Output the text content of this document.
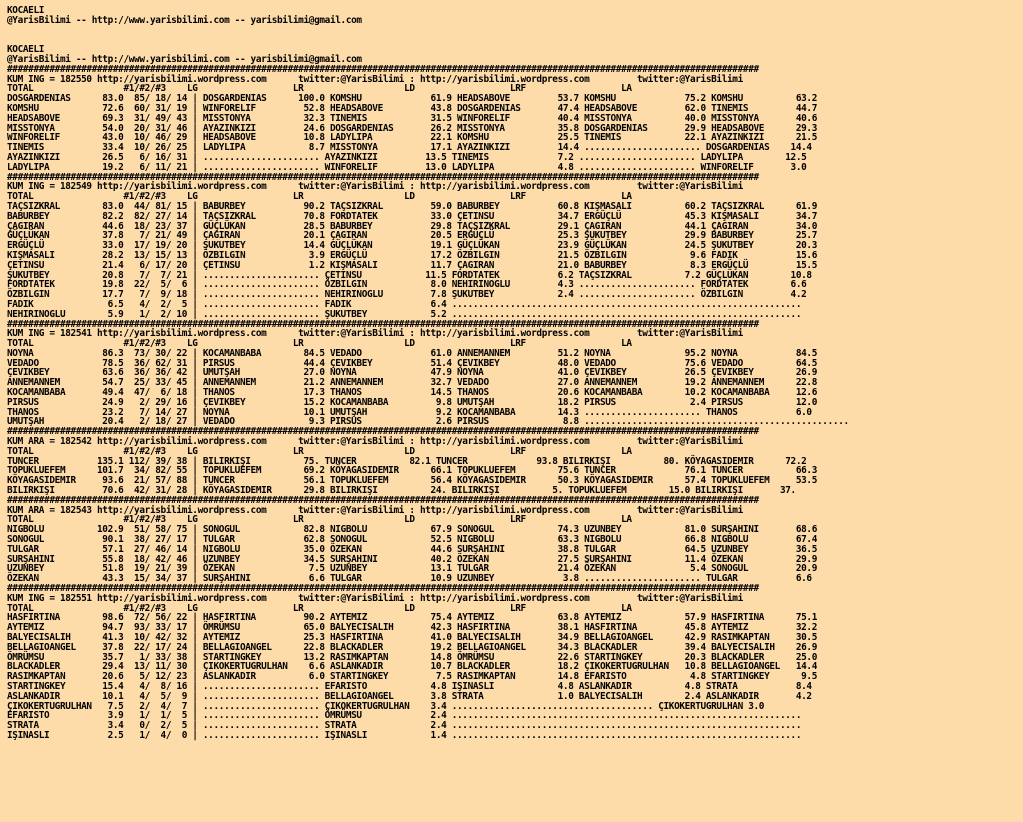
KOCAELI
@YarisBilimi -- http://www.yarisbilimi.com -- yarisbilimi@gmail.com
KOCAELI
@YarisBilimi -- http://www.yarisbilimi.com -- yarisbilimi@gmail.com
##############################################################################################################################################
KUM ING = 182550 http://yarisbilimi.wordpress.com      twitter:@YarisBilimi : http://yarisbilimi.wordpress.com         twitter:@YarisBilimi
TOTAL                 #1/#2/#3    LG                  LR                   LD                  LRF                  LA
DOSGARDENIAS      83.0  85/ 18/ 14 | DOSGARDENIAS      100.0 KOMSHU             61.9 HEADSABOVE         53.7 KOMSHU             75.2 KOMSHU          63.2
KOMSHU            72.6  60/ 31/ 19 | WINFORELIF         52.8 HEADSABOVE         43.8 DOSGARDENIAS       47.4 HEADSABOVE         62.0 TINEMIS         44.7
HEADSABOVE        69.3  31/ 49/ 43 | MISSTONYA          32.3 TINEMIS            31.5 WINFORELIF         40.4 MISSTONYA          40.0 MISSTONYA       40.6
MISSTONYA         54.0  20/ 31/ 46 | AYAZINKIZI         24.6 DOSGARDENIAS       26.2 MISSTONYA          35.8 DOSGARDENIAS       29.9 HEADSABOVE      29.3
WINFORELIF        43.0  10/ 46/ 29 | HEADSABOVE         10.8 LADYLIPA           22.1 KOMSHU             25.5 TINEMIS            22.1 AYAZINKIZI      21.5
TINEMIS           33.4  10/ 26/ 25 | LADYLIPA            8.7 MISSTONYA          17.1 AYAZINKIZI         14.4 ...................... DOSGARDENIAS    14.4
AYAZINKIZI        26.5   6/ 16/ 31 | ...................... AYAZINKIZI         13.5 TINEMIS             7.2 ...................... LADYLIPA        12.5
LADYLIPA          19.2   6/ 11/ 21 | ...................... WINFORELIF         13.0 LADYLIPA            4.8 ...................... WINFORELIF       3.0
##############################################################################################################################################
KUM ING = 182549 http://yarisbilimi.wordpress.com      twitter:@YarisBilimi : http://yarisbilimi.wordpress.com         twitter:@YarisBilimi
TOTAL                 #1/#2/#3    LG                  LR                   LD                  LRF                  LA
TAÇSIZKRAL        83.0  44/ 81/ 15 | BABURBEY           90.2 TAÇSIZKRAL         59.0 BABURBEY           60.8 KIŞMASALI          60.2 TAÇSIZKRAL      61.9
BABURBEY          82.2  82/ 27/ 14 | TAÇSIZKRAL         70.8 FORDTATEK          33.0 ÇETINSU            34.7 ERGÜÇLÜ            45.3 KIŞMASALI       34.7
ÇAGIRAN           44.6  18/ 23/ 37 | GÜÇLÜKAN           28.5 BABURBEY           29.8 TAÇSIZKRAL         29.1 ÇAGIRAN            44.1 ÇAGIRAN         34.0
GÜÇLÜKAN          37.8   7/ 21/ 49 | ÇAGIRAN            20.1 ÇAGIRAN            20.5 ERGÜÇLÜ            25.3 ŞUKUTBEY           29.9 BABURBEY        25.7
ERGÜÇLÜ           33.0  17/ 19/ 20 | ŞUKUTBEY           14.4 GÜÇLÜKAN           19.1 GÜÇLÜKAN           23.9 GÜÇLÜKAN           24.5 ŞUKUTBEY        20.3
KIŞMASALI         28.2  13/ 15/ 13 | ÖZBILGIN            3.9 ERGÜÇLÜ            17.2 ÖZBILGIN           21.5 ÖZBILGIN            9.6 FADIK           15.6
ÇETINSU           21.4   6/ 17/ 20 | ÇETINSU             1.2 KIŞMASALI          11.7 ÇAGIRAN            21.0 BABURBEY            8.3 ERGÜÇLÜ         15.5
ŞUKUTBEY          20.8   7/  7/ 21 | ...................... ÇETINSU            11.5 FORDTATEK           6.2 TAÇSIZKRAL          7.2 GÜÇLÜKAN        10.8
FORDTATEK         19.8  22/  5/  6 | ...................... ÖZBILGIN            8.0 NEHIRINOGLU         4.3 ...................... FORDTATEK        6.6
ÖZBILGIN          17.7   7/  9/ 18 | ...................... NEHIRINOGLU         7.8 ŞUKUTBEY            2.4 ...................... ÖZBILGIN         4.2
FADIK              6.5   4/  2/  5 | ...................... FADIK               6.4 ..................................................................
NEHIRINOGLU        5.9   1/  2/ 10 | ...................... ŞUKUTBEY            5.2 ..................................................................
##############################################################################################################################################
KUM ING = 182541 http://yarisbilimi.wordpress.com      twitter:@YarisBilimi : http://yarisbilimi.wordpress.com         twitter:@YarisBilimi
TOTAL                 #1/#2/#3    LG                  LR                   LD                  LRF                  LA
NOYNA             86.3  73/ 30/ 22 | KOCAMANBABA        84.5 VEDADO             61.0 ANNEMANNEM         51.2 NOYNA              95.2 NOYNA           84.5
VEDADO            78.5  36/ 62/ 31 | PIRSUS             44.4 ÇEVIKBEY           51.4 ÇEVIKBEY           48.0 VEDADO             75.6 VEDADO          64.5
ÇEVIKBEY          63.6  36/ 36/ 42 | UMUTŞAH            27.0 NOYNA              47.9 NOYNA              41.0 ÇEVIKBEY           26.5 ÇEVIKBEY        26.9
ANNEMANNEM        54.7  25/ 33/ 45 | ANNEMANNEM         21.2 ANNEMANNEM         32.7 VEDADO             27.0 ANNEMANNEM         19.2 ANNEMANNEM      22.8
KOCAMANBABA       49.4  47/  6/ 18 | THANOS             17.3 THANOS             14.5 THANOS             20.6 KOCAMANBABA        10.2 KOCAMANBABA     12.6
PIRSUS            24.9   2/ 29/ 16 | ÇEVIKBEY           15.2 KOCAMANBABA         9.8 UMUTŞAH            18.2 PIRSUS              2.4 PIRSUS          12.0
THANOS            23.2   7/ 14/ 27 | NOYNA              10.1 UMUTŞAH             9.2 KOCAMANBABA        14.3 ...................... THANOS           6.0
UMUTŞAH           20.4   2/ 18/ 27 | VEDADO              9.3 PIRSUS              2.6 PIRSUS              8.8 ..................................................
##############################################################################################################################################
KUM ARA = 182542 http://yarisbilimi.wordpress.com      twitter:@YarisBilimi : http://yarisbilimi.wordpress.com         twitter:@YarisBilimi
TOTAL                 #1/#2/#3    LG                  LR                   LD                  LRF                  LA
TUNCER           135.1 112/ 39/ 38 | BILIRKIŞI          75. TUNCER          82.1 TUNCER             93.8 BILIRKIŞI          80. KÖYAGASIDEMIR      72.2
TOPUKLUEFEM      101.7  34/ 82/ 55 | TOPUKLUEFEM        69.2 KÖYAGASIDEMIR      66.1 TOPUKLUEFEM        75.6 TUNCER             76.1 TUNCER          66.3
KÖYAGASIDEMIR     93.6  21/ 57/ 88 | TUNCER             56.1 TOPUKLUEFEM        56.4 KÖYAGASIDEMIR      50.3 KÖYAGASIDEMIR      57.4 TOPUKLUEFEM     53.5
BILIRKIŞI         70.6  42/ 31/ 28 | KÖYAGASIDEMIR      29.8 BILIRKIŞI          24. BILIRKIŞI          5. TOPUKLUEFEM        15.0 BILIRKIŞI       37.
##############################################################################################################################################
KUM ARA = 182543 http://yarisbilimi.wordpress.com      twitter:@YarisBilimi : http://yarisbilimi.wordpress.com         twitter:@YarisBilimi
TOTAL                 #1/#2/#3    LG                  LR                   LD                  LRF                  LA
NIGBOLU          102.9  51/ 58/ 75 | SONOGUL            82.8 NIGBOLU            67.9 SONOGUL            74.3 UZUNBEY            81.0 SURŞAHINI       68.6
SONOGUL           90.1  38/ 27/ 17 | TULGAR             62.8 SONOGUL            52.5 NIGBOLU            63.3 NIGBOLU            66.8 NIGBOLU         67.4
TULGAR            57.1  27/ 46/ 14 | NIGBOLU            35.0 ÖZEKAN             44.6 SURŞAHINI          38.8 TULGAR             64.5 UZUNBEY         36.5
SURŞAHINI         55.8  18/ 42/ 46 | UZUNBEY            34.5 SURŞAHINI          40.2 ÖZEKAN             27.5 SURŞAHINI          11.4 ÖZEKAN          29.9
UZUNBEY           51.8  19/ 21/ 39 | ÖZEKAN              7.5 UZUNBEY            13.1 TULGAR             21.4 ÖZEKAN              5.4 SONOGUL         20.9
ÖZEKAN            43.3  15/ 34/ 37 | SURŞAHINI           6.6 TULGAR             10.9 UZUNBEY             3.8 ...................... TULGAR           6.6
##############################################################################################################################################
KUM ING = 182551 http://yarisbilimi.wordpress.com      twitter:@YarisBilimi : http://yarisbilimi.wordpress.com         twitter:@YarisBilimi
TOTAL                 #1/#2/#3    LG                  LR                   LD                  LRF                  LA
HASFIRTINA        98.6  72/ 56/ 22 | HASFIRTINA         90.2 AYTEMIZ            75.4 AYTEMIZ            63.8 AYTEMIZ            57.9 HASFIRTINA      75.1
AYTEMIZ           94.7  93/ 33/ 17 | ÖMRÜMSU            65.0 BALYECISALIH       42.3 HASFIRTINA         38.1 HASFIRTINA         45.8 AYTEMIZ         32.2
BALYECISALIH      41.3  10/ 42/ 32 | AYTEMIZ            25.3 HASFIRTINA         41.0 BALYECISALIH       34.9 BELLAGIOANGEL      42.9 RASIMKAPTAN     30.5
BELLAGIOANGEL     37.8  22/ 17/ 24 | BELLAGIOANGEL      22.8 BLACKADLER         19.2 BELLAGIOANGEL      34.3 BLACKADLER         39.4 BALYECISALIH    26.9
ÖMRÜMSU           35.7   1/ 33/ 38 | STARTINGKEY        13.2 RASIMKAPTAN        14.8 ÖMRÜMSU            22.6 STARTINGKEY        20.3 BLACKADLER      25.0
BLACKADLER        29.4  13/ 11/ 30 | ÇIKOKERTUGRULHAN    6.6 ASLANKADIR         10.7 BLACKADLER         18.2 ÇIKOKERTUGRULHAN   10.8 BELLAGIOANGEL   14.4
RASIMKAPTAN       20.6   5/ 12/ 23 | ASLANKADIR          6.0 STARTINGKEY         7.5 RASIMKAPTAN        14.8 EFARISTO            4.8 STARTINGKEY      9.5
STARTINGKEY       15.4   4/  8/ 16 | ...................... EFARISTO            4.8 IŞINASLI            4.8 ASLANKADIR          4.8 STRATA           8.4
ASLANKADIR        10.1   4/  5/  9 | ...................... BELLAGIOANGEL       3.8 STRATA              1.0 BALYECISALIH        2.4 ASLANKADIR       4.2
ÇIKOKERTUGRULHAN   7.5   2/  4/  7 | ...................... ÇIKOKERTUGRULHAN    3.4 ...................................... ÇIKOKERTUGRULHAN 3.0
EFARISTO           3.9   1/  1/  5 | ...................... ÖMRÜMSU             2.4 ..................................................................
STRATA             3.4   0/  2/  5 | ...................... STRATA              2.4 ..................................................................
IŞINASLI           2.5   1/  4/  0 | ...................... IŞINASLI            1.4 ..................................................................
